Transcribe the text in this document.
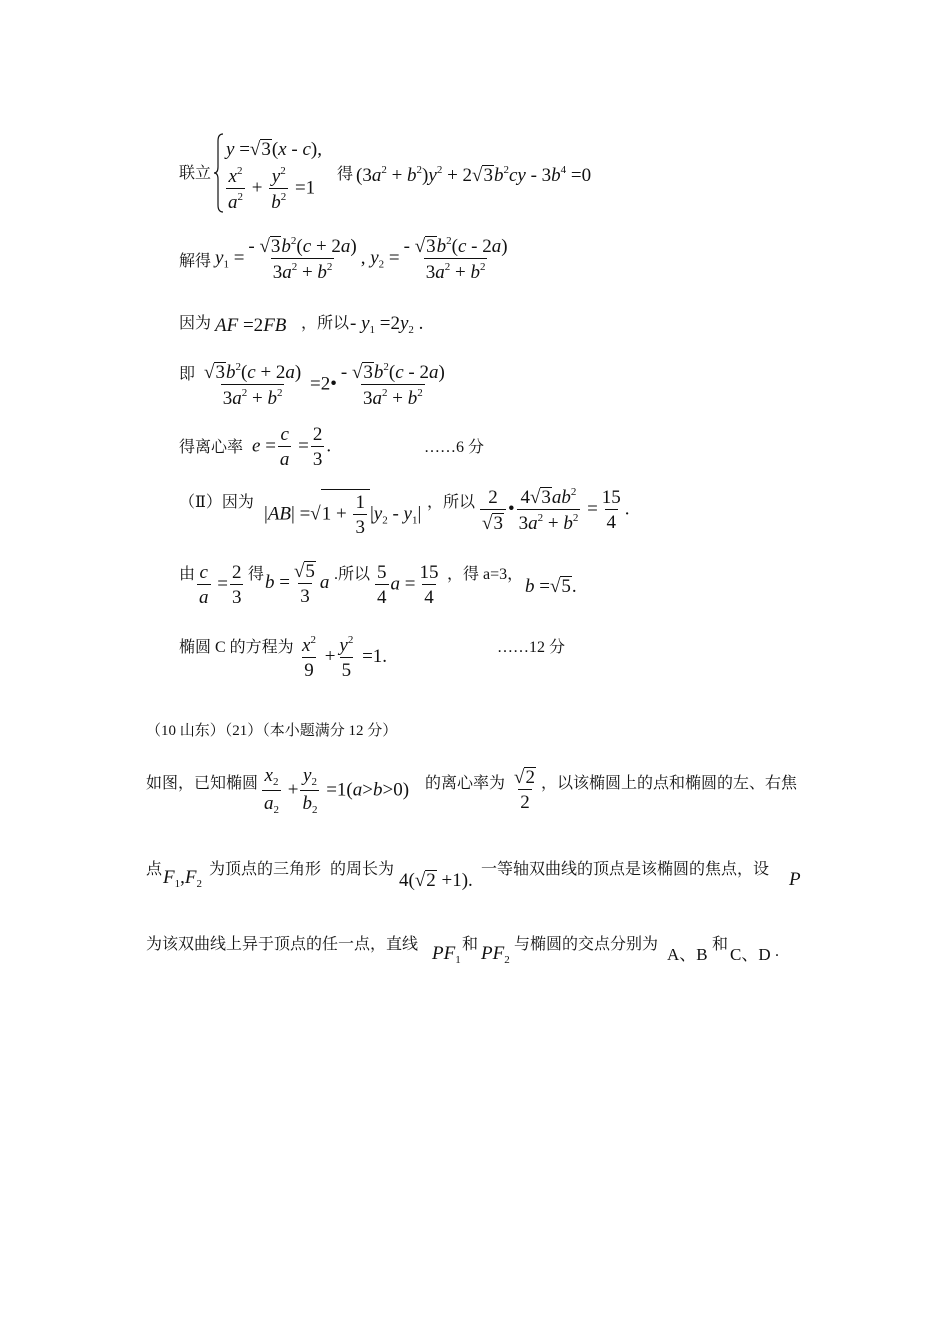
联立
y =√3(x - c),
$\frac{x^2}{a^2} + \frac{y^2}{b^2} =1$
得 $(3a^2 + b^2)y^2 + 2√3b^2cy - 3b^4 =0$
解得 $y_1 = \frac{- √3b^2(c + 2a)}{3a^2 + b^2}$ , $y_2 = \frac{- √3b^2(c - 2a)}{3a^2 + b^2}$
因为 AF =2FB ，所以 - $y_1 =2y_2$ .
即 $\frac{√3b^2(c + 2a)}{3a^2 + b^2}$ =2• $\frac{- √3b^2(c - 2a)}{3a^2 + b^2}$
得离心率 $e = \frac{c}{a} = \frac{2}{3}$ .	……6 分
（Ⅱ）因为
$|AB| =√1 + \frac{1}{3} |y_2 - y_1|$
，所以 $\frac{2}{√3}$ • $\frac{4√3ab^2}{3a^2 + b^2} = \frac{15}{4}$ .
由 $\frac{c}{a} = \frac{2}{3}$ 得 $b = \frac{√5}{3}$ a .所以 $\frac{5}{4}$ $a = \frac{15}{4}$ ，得 a=3，
b =√5.
椭圆 C 的方程为 $\frac{x^2}{9} + \frac{y^2}{5} =1$.	……12 分
（10 山东）（21）（本小题满分 12 分）
如图，已知椭圆 $\frac{x_2}{a_2} + \frac{y_2}{b_2} =1(a>b>0)$ 的离心率为 $\frac{√2}{2}$ ，以该椭圆上的点和椭圆的左、右焦
点 $F_1,F_2$
为顶点的三角形 的周长为
4(√2 +1).
一等轴双曲线的顶点是该椭圆的焦点，设 P
为该双曲线上异于顶点的任一点，直线 $PF_1$
和 $PF_2$
与椭圆的交点分别为
A、B
和
C、D .
